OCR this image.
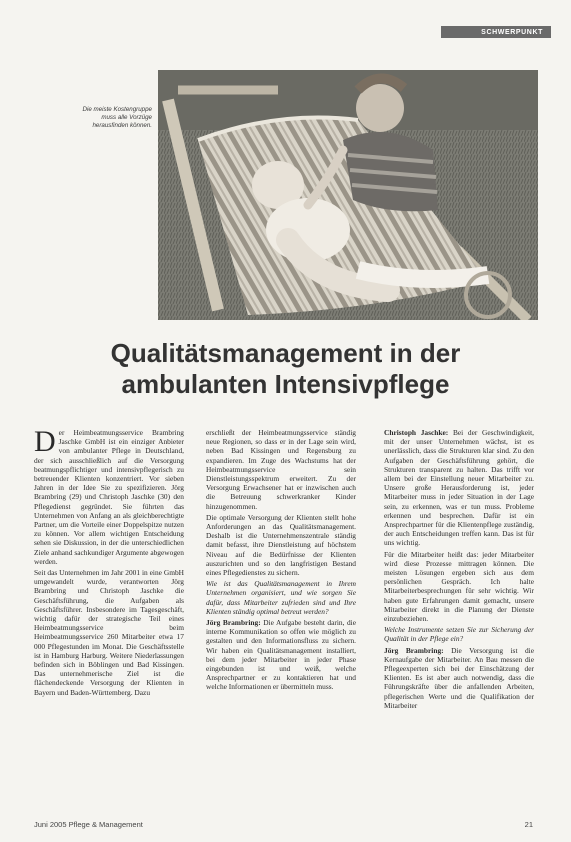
SCHWERPUNKT
Die meiste Kostengruppe
muss alle Vorzüge
herausfinden können.
Qualitätsmanagement in der
ambulanten Intensivpflege

Der Heimbeatmungsservice Brambring Jaschke GmbH ist ein einziger Anbieter von ambulanter Pflege in Deutschland, der sich ausschließlich auf die Versorgung beatmungspflichtiger und intensivpflegerisch zu betreuender Klienten konzentriert. Vor sieben Jahren in der Idee Sie zu spezifizieren. Jörg Brambring (29) und Christoph Jaschke (30) den Pflegedienst gegründet. Sie führten das Unternehmen von Anfang an als gleichberechtigte Partner, um die Vorteile einer Doppelspitze nutzen zu können. Vor allem wichtigen Entscheidung sehen sie Diskussion, in der die unterschiedlichen Ziele anhand sachkundiger Argumente abgewogen werden.

Seit das Unternehmen im Jahr 2001 in eine GmbH umgewandelt wurde, verantworten Jörg Brambring und Christoph Jaschke die Geschäftsführung, die Aufgaben als Geschäftsführer. Insbesondere im Tagesgeschäft, wichtig dafür der strategische Teil eines Heimbeatmungsservice beim Heimbeatmungsservice 260 Mitarbeiter etwa 17 000 Pflegestunden im Monat. Die Geschäftsstelle ist in Hamburg Harburg. Weitere Niederlassungen befinden sich in Böblingen und Bad Kissingen. Das unternehmerische Ziel ist die flächendeckende Versorgung der Klienten in Bayern und Baden-Württemberg. Dazu

erschließt der Heimbeatmungsservice ständig neue Regionen, so dass er in der Lage sein wird, neben Bad Kissingen und Regensburg zu expandieren. Im Zuge des Wachstums hat der Heimbeatmungsservice sein Dienstleistungsspektrum erweitert. Zu der Versorgung Erwachsener hat er inzwischen auch die Betreuung schwerkranker Kinder hinzugenommen.

Die optimale Versorgung der Klienten stellt hohe Anforderungen an das Qualitätsmanagement. Deshalb ist die Unternehmenszentrale ständig damit befasst, ihre Dienstleistung auf höchstem Niveau auf die Bedürfnisse der Klienten auszurichten und so den langfristigen Bestand eines Pflegedienstes zu sichern.

Wie ist das Qualitätsmanagement in Ihrem Unternehmen organisiert, und wie sorgen Sie dafür, dass Mitarbeiter zufrieden sind und Ihre Klienten ständig optimal betreut werden?

Jörg Brambring: Die Aufgabe besteht darin, die interne Kommunikation so offen wie möglich zu gestalten und den Informationsfluss zu sichern. Wir haben ein Qualitätsmanagement installiert, bei dem jeder Mitarbeiter in jeder Phase eingebunden ist und weiß, welche Ansprechpartner er zu kontaktieren hat und welche Informationen er übermitteln muss.

Christoph Jaschke: Bei der Geschwindigkeit, mit der unser Unternehmen wächst, ist es unerlässlich, dass die Strukturen klar sind. Zu den Aufgaben der Geschäftsführung gehört, die Strukturen transparent zu halten. Das trifft vor allem bei der Einstellung neuer Mitarbeiter zu. Unsere große Herausforderung ist, jeder Mitarbeiter muss in jeder Situation in der Lage sein, zu erkennen, was er tun muss. Probleme erkennen und besprechen. Dafür ist ein Ansprechpartner für die Klientenpflege zuständig, der auch Entscheidungen treffen kann. Das ist für uns wichtig.

Für die Mitarbeiter heißt das: jeder Mitarbeiter wird diese Prozesse mittragen können. Die meisten Lösungen ergeben sich aus dem persönlichen Gespräch. Ich halte Mitarbeiterbesprechungen für sehr wichtig. Wir haben gute Erfahrungen damit gemacht, unsere Mitarbeiter direkt in die Planung der Dienste einzubeziehen.

Welche Instrumente setzen Sie zur Sicherung der Qualität in der Pflege ein?

Jörg Brambring: Die Versorgung ist die Kernaufgabe der Mitarbeiter. An Bau messen die Pflegeexperten sich bei der Einschätzung der Klienten. Es ist aber auch notwendig, dass die Führungskräfte über die anfallenden Arbeiten, pflegerischen Werte und die Qualifikation der Mitarbeiter

Juni 2005 Pflege & Management	21
